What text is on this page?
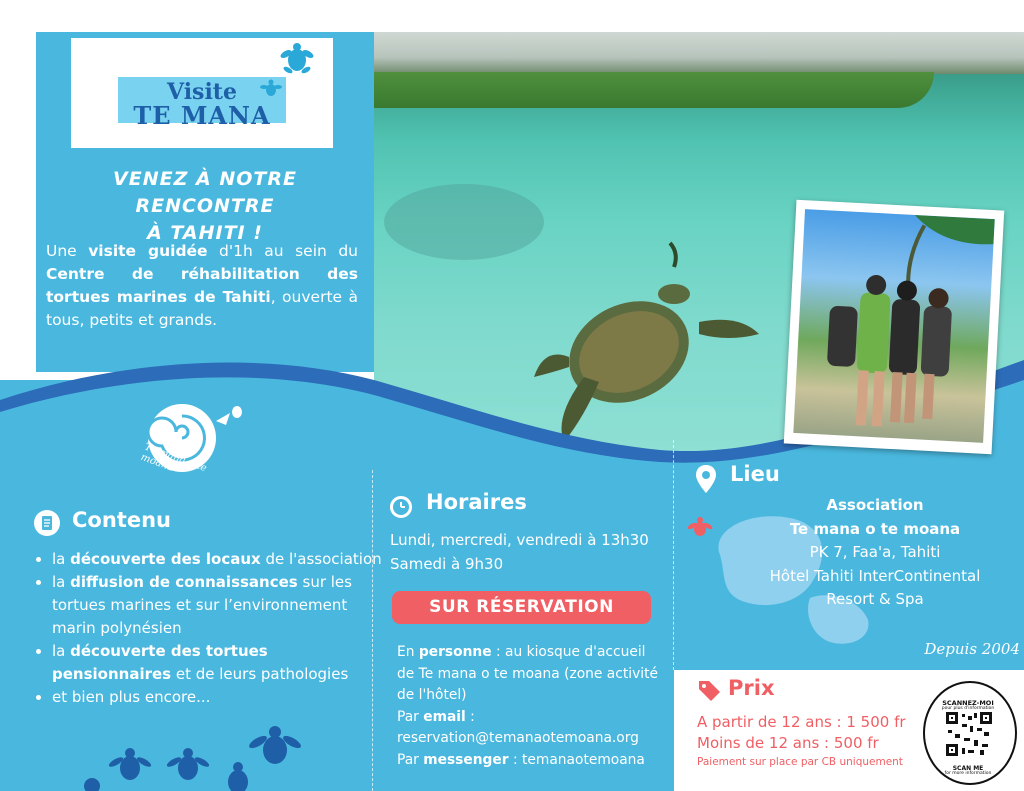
Visite
TE MANA
VENEZ À NOTRE RENCONTRE
À TAHITI !
Une visite guidée d'1h au sein du Centre de réhabilitation des tortues marines de Tahiti, ouverte à tous, petits et grands.
Te mana o te moana
Contenu
• la découverte des locaux de l'association
• la diffusion de connaissances sur les tortues marines et sur l’environnement marin polynésien
• la découverte des tortues pensionnaires et de leurs pathologies
• et bien plus encore...
Horaires
Lundi, mercredi, vendredi à 13h30
Samedi à 9h30
SUR RÉSERVATION
En personne : au kiosque d'accueil de Te mana o te moana (zone activité de l'hôtel)
Par email :
reservation@temanaotemoana.org
Par messenger : temanaotemoana
Lieu
Association
Te mana o te moana
PK 7, Faa'a, Tahiti
Hôtel Tahiti InterContinental
Resort & Spa
Depuis 2004
Prix
A partir de 12 ans : 1 500 fr
Moins de 12 ans : 500 fr
Paiement sur place par CB uniquement
SCANNEZ-MOI
pour plus d'information
SCAN ME
for more information
